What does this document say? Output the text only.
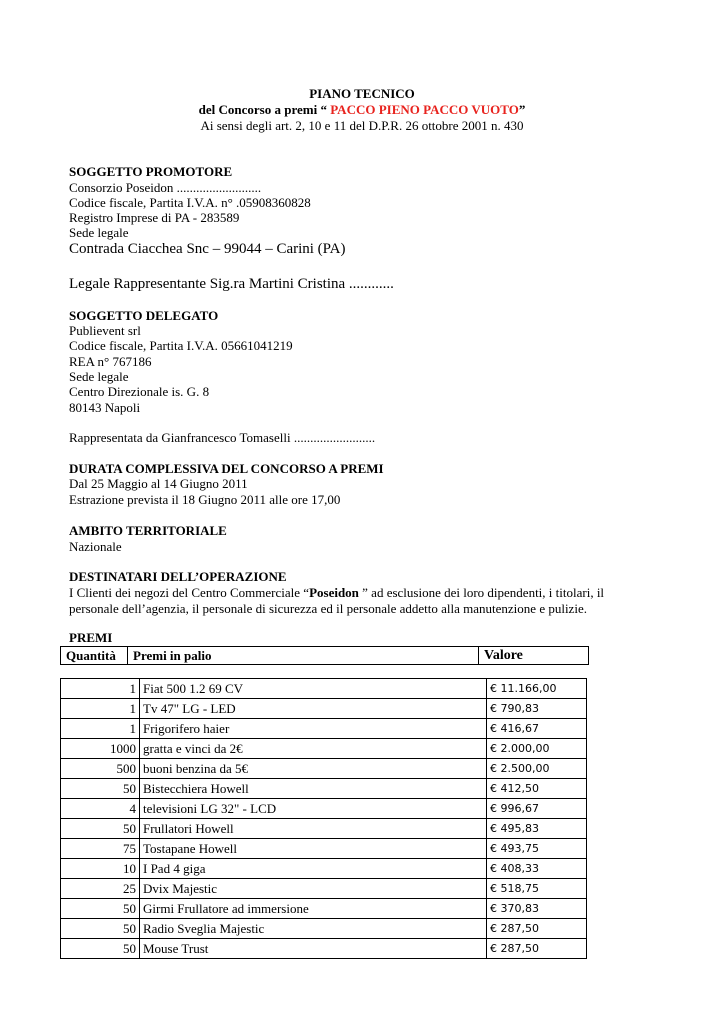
PIANO TECNICO
del Concorso a premi “ PACCO PIENO PACCO VUOTO”
Ai sensi degli art. 2, 10 e 11 del D.P.R. 26 ottobre 2001 n. 430
SOGGETTO PROMOTORE
Consorzio Poseidon ..........................
Codice fiscale, Partita I.V.A. n° .05908360828
Registro Imprese di PA - 283589
Sede legale
Contrada Ciacchea Snc – 99044 – Carini (PA)
Legale Rappresentante Sig.ra Martini Cristina ............
SOGGETTO DELEGATO
Publievent srl
Codice fiscale, Partita I.V.A. 05661041219
REA n° 767186
Sede legale
Centro Direzionale is. G. 8
80143 Napoli
Rappresentata da Gianfrancesco Tomaselli .........................
DURATA COMPLESSIVA DEL CONCORSO A PREMI
Dal 25 Maggio al 14 Giugno 2011
Estrazione prevista il 18 Giugno 2011 alle ore 17,00
AMBITO TERRITORIALE
Nazionale
DESTINATARI DELL’OPERAZIONE
I Clienti dei negozi del Centro Commerciale “Poseidon ” ad esclusione dei loro dipendenti, i titolari, il personale dell’agenzia, il personale di sicurezza ed il personale addetto alla manutenzione e pulizie.
PREMI
Quantità	Premi in palio	Valore
1	Fiat 500 1.2 69 CV	€ 11.166,00
1	Tv 47" LG - LED	€ 790,83
1	Frigorifero haier	€ 416,67
1000	gratta e vinci da 2€	€ 2.000,00
500	buoni benzina da 5€	€ 2.500,00
50	Bistecchiera Howell	€ 412,50
4	televisioni LG 32" - LCD	€ 996,67
50	Frullatori Howell	€ 495,83
75	Tostapane Howell	€ 493,75
10	I Pad 4 giga	€ 408,33
25	Dvix Majestic	€ 518,75
50	Girmi Frullatore ad immersione	€ 370,83
50	Radio Sveglia Majestic	€ 287,50
50	Mouse Trust	€ 287,50
